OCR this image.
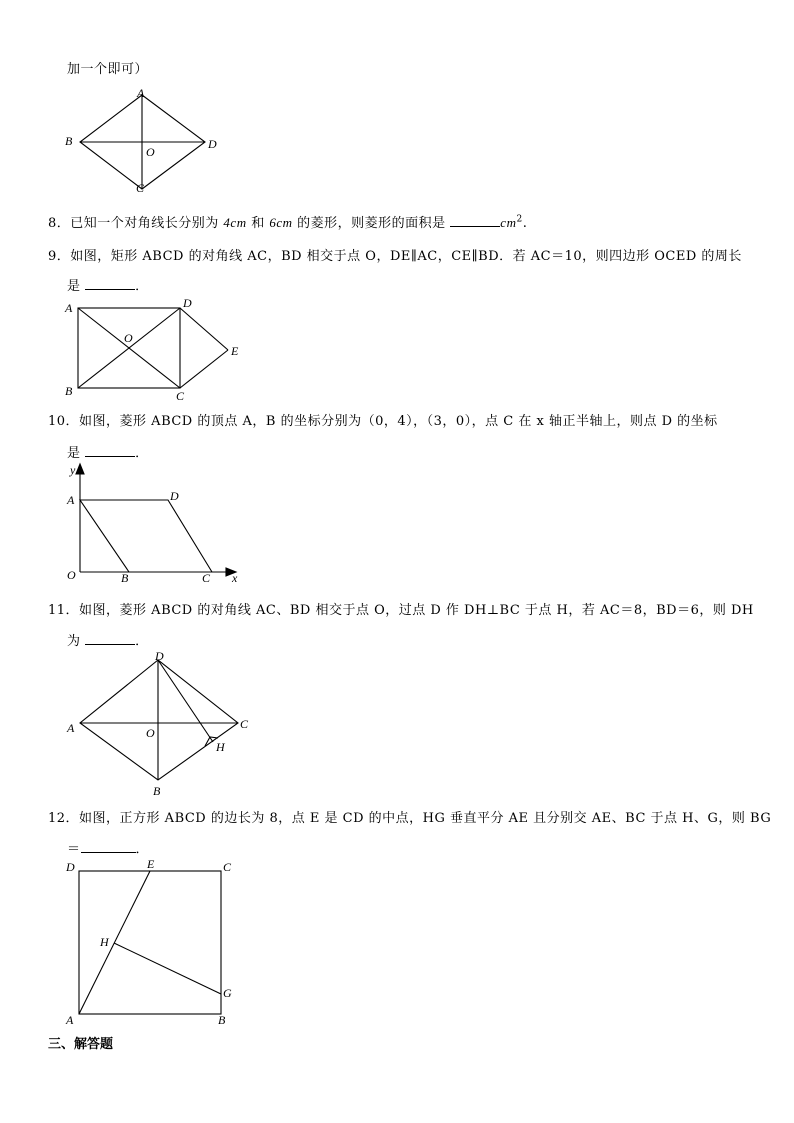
加一个即可）
A
B
O
D
C
8．已知一个对角线长分别为 4cm 和 6cm 的菱形，则菱形的面积是	$cm^2$.
9．如图，矩形 ABCD 的对角线 AC，BD 相交于点 O，DE∥AC，CE∥BD．若 AC＝10，则四边形 OCED 的周长
是	．
A	D
O
E
B	C
10．如图，菱形 ABCD 的顶点 A，B 的坐标分别为（0，4），（3，0），点 C 在 x 轴正半轴上，则点 D 的坐标
是	．
y
A	D
O	B	C x
11．如图，菱形 ABCD 的对角线 AC、BD 相交于点 O，过点 D 作 DH⊥BC 于点 H，若 AC＝8，BD＝6，则 DH
为	．
D
A	C
O
H
B
12．如图，正方形 ABCD 的边长为 8，点 E 是 CD 的中点，HG 垂直平分 AE 且分别交 AE、BC 于点 H、G，则 BG
＝	．
D	E	C
H
G
A	B
三、解答题
